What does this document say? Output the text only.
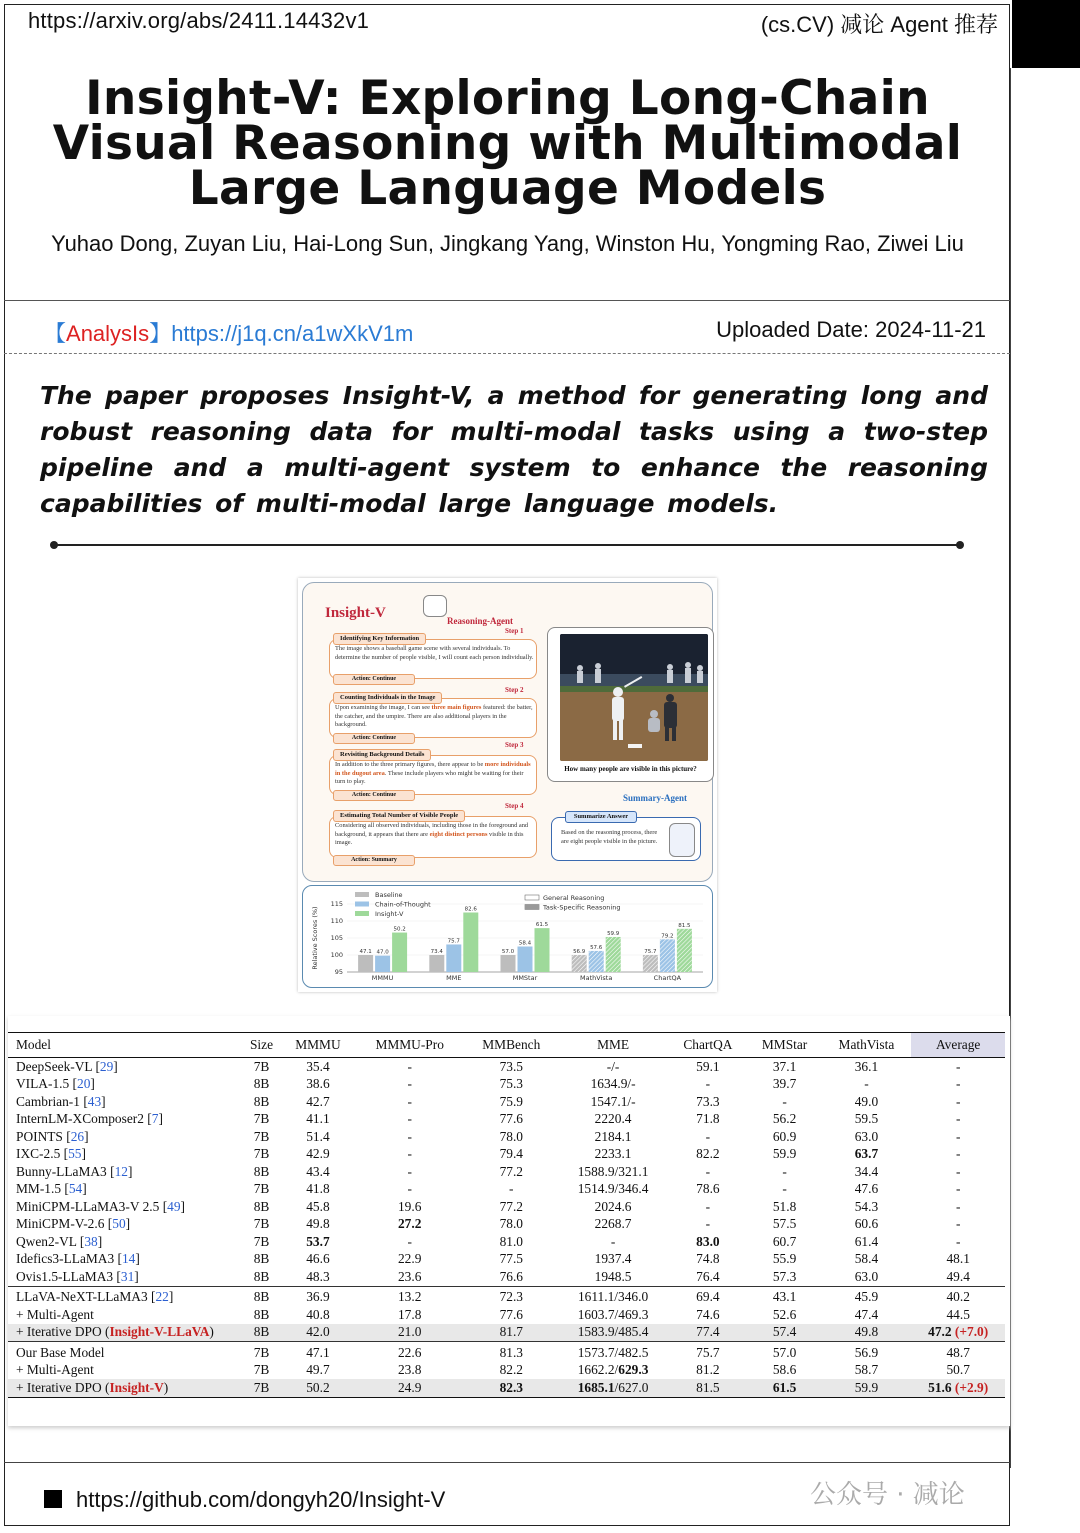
https://arxiv.org/abs/2411.14432v1	(cs.CV) 减论 Agent 推荐
Insight-V: Exploring Long-Chain Visual Reasoning with Multimodal Large Language Models
Yuhao Dong, Zuyan Liu, Hai-Long Sun, Jingkang Yang, Winston Hu, Yongming Rao, Ziwei Liu
【AnalysIs】https://j1q.cn/a1wXkV1m	Uploaded Date: 2024-11-21
The paper proposes Insight-V, a method for generating long and robust reasoning data for multi-modal tasks using a two-step pipeline and a multi-agent system to enhance the reasoning capabilities of multi-modal large language models.
Insight-V	Reasoning-Agent
Step 1
Identifying Key Information
The image shows a baseball game scene with several individuals. To determine the number of people visible, I will count each person individually.
Action: Continue
Step 2
Counting Individuals in the Image
Upon examining the image, I can see three main figures featured: the batter, the catcher, and the umpire. There are also additional players in the background.
Action: Continue
Step 3
Revisiting Background Details
In addition to the three primary figures, there appear to be more individuals in the dugout area. These include players who might be waiting for their turn to play.
Action: Continue
Step 4
Estimating Total Number of Visible People
Considering all observed individuals, including those in the foreground and background, it appears that there are eight distinct persons visible in this image.
Action: Summary
How many people are visible in this picture?
Summary-Agent
Summarize Answer
Based on the reasoning process, there are eight people visible in the picture.
Relative Scores (%)
95
100
105
110
115
47.1 47.0
50.2
MMMU
73.4
75.7
82.6
MME
57.0
58.4
61.5
MMStar
56.9
57.6
59.9
MathVista
75.7
79.2
81.5
ChartQA
Baseline
Chain-of-Thought
Insight-V
General Reasoning
Task-Specific Reasoning
Model	Size	MMMU	MMMU-Pro	MMBench	MME	ChartQA	MMStar	MathVista	Average
DeepSeek-VL [29]	7B	35.4	-	73.5	-/-	59.1	37.1	36.1	-
VILA-1.5 [20]	8B	38.6	-	75.3	1634.9/-	-	39.7	-	-
Cambrian-1 [43]	8B	42.7	-	75.9	1547.1/-	73.3	-	49.0	-
InternLM-XComposer2 [7]	7B	41.1	-	77.6	2220.4	71.8	56.2	59.5	-
POINTS [26]	7B	51.4	-	78.0	2184.1	-	60.9	63.0	-
IXC-2.5 [55]	7B	42.9	-	79.4	2233.1	82.2	59.9	63.7	-
Bunny-LLaMA3 [12]	8B	43.4	-	77.2	1588.9/321.1	-	-	34.4	-
MM-1.5 [54]	7B	41.8	-	-	1514.9/346.4	78.6	-	47.6	-
MiniCPM-LLaMA3-V 2.5 [49]	8B	45.8	19.6	77.2	2024.6	-	51.8	54.3	-
MiniCPM-V-2.6 [50]	7B	49.8	27.2	78.0	2268.7	-	57.5	60.6	-
Qwen2-VL [38]	7B	53.7	-	81.0	-	83.0	60.7	61.4	-
Idefics3-LLaMA3 [14]	8B	46.6	22.9	77.5	1937.4	74.8	55.9	58.4	48.1
Ovis1.5-LLaMA3 [31]	8B	48.3	23.6	76.6	1948.5	76.4	57.3	63.0	49.4
LLaVA-NeXT-LLaMA3 [22]	8B	36.9	13.2	72.3	1611.1/346.0	69.4	43.1	45.9	40.2
+ Multi-Agent	8B	40.8	17.8	77.6	1603.7/469.3	74.6	52.6	47.4	44.5
+ Iterative DPO (Insight-V-LLaVA)	8B	42.0	21.0	81.7	1583.9/485.4	77.4	57.4	49.8	47.2 (+7.0)
Our Base Model	7B	47.1	22.6	81.3	1573.7/482.5	75.7	57.0	56.9	48.7
+ Multi-Agent	7B	49.7	23.8	82.2	1662.2/629.3	81.2	58.6	58.7	50.7
+ Iterative DPO (Insight-V)	7B	50.2	24.9	82.3	1685.1/627.0	81.5	61.5	59.9	51.6 (+2.9)
https://github.com/dongyh20/Insight-V	公众号 · 减论
